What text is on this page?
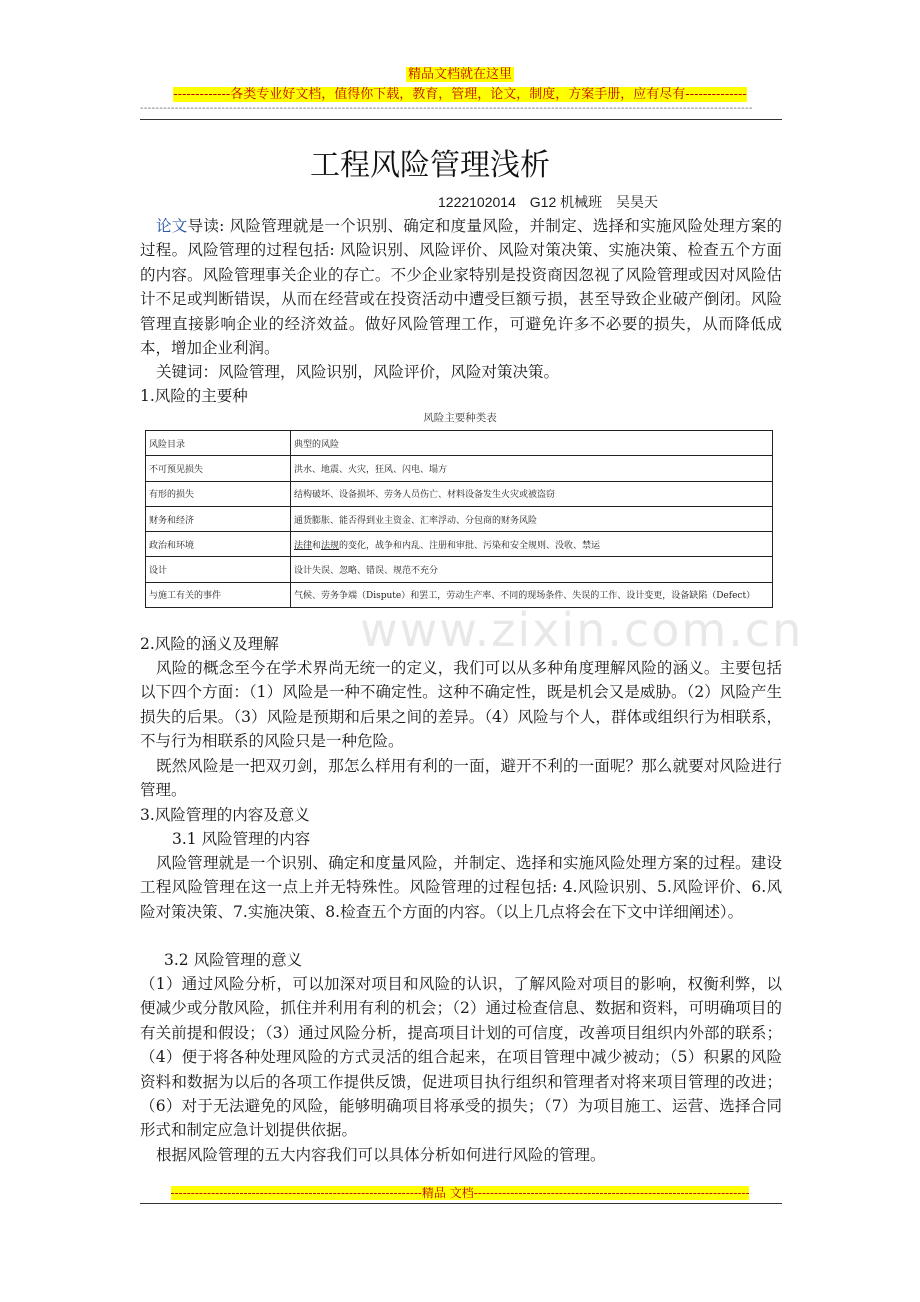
精品文档就在这里
-------------各类专业好文档，值得你下载，教育，管理，论文，制度，方案手册，应有尽有--------------
--------------------------------------------------------------------------------------------------------------------------------------------------------------
工程风险管理浅析
1222102014 G12 机械班 吴昊天

论文导读: 风险管理就是一个识别、确定和度量风险，并制定、选择和实施风险处理方案的过程。风险管理的过程包括: 风险识别、风险评价、风险对策决策、实施决策、检查五个方面的内容。风险管理事关企业的存亡。不少企业家特别是投资商因忽视了风险管理或因对风险估计不足或判断错误，从而在经营或在投资活动中遭受巨额亏损，甚至导致企业破产倒闭。风险管理直接影响企业的经济效益。做好风险管理工作，可避免许多不必要的损失，从而降低成本，增加企业利润。

关键词：风险管理，风险识别，风险评价，风险对策决策。

1.风险的主要种
风险主要种类表
风险目录	典型的风险
不可预见损失	洪水、地震、火灾，狂风、闪电、塌方
有形的损失	结构破坏、设备损坏、劳务人员伤亡、材料设备发生火灾或被盗窃
财务和经济	通货膨胀、能否得到业主资金、汇率浮动、分包商的财务风险
政治和环境	法律和法规的变化，战争和内乱、注册和审批、污染和安全规则、没收、禁运
设计	设计失误、忽略、错误、规范不充分
与施工有关的事件	气候、劳务争端（Dispute）和罢工，劳动生产率、不同的现场条件、失误的工作、设计变更，设备缺陷（Defect）
www.zixin.com.cn
2.风险的涵义及理解

风险的概念至今在学术界尚无统一的定义，我们可以从多种角度理解风险的涵义。主要包括以下四个方面：（1）风险是一种不确定性。这种不确定性，既是机会又是威胁。（2）风险产生损失的后果。（3）风险是预期和后果之间的差异。（4）风险与个人，群体或组织行为相联系，不与行为相联系的风险只是一种危险。

既然风险是一把双刃剑，那怎么样用有利的一面，避开不利的一面呢？那么就要对风险进行管理。

3.风险管理的内容及意义
3.1 风险管理的内容

风险管理就是一个识别、确定和度量风险，并制定、选择和实施风险处理方案的过程。建设工程风险管理在这一点上并无特殊性。风险管理的过程包括: 4.风险识别、5.风险评价、6.风险对策决策、7.实施决策、8.检查五个方面的内容。（以上几点将会在下文中详细阐述）。

3.2 风险管理的意义

（1）通过风险分析，可以加深对项目和风险的认识，了解风险对项目的影响，权衡利弊，以便减少或分散风险，抓住并利用有利的机会；（2）通过检查信息、数据和资料，可明确项目的有关前提和假设；（3）通过风险分析，提高项目计划的可信度，改善项目组织内外部的联系；（4）便于将各种处理风险的方式灵活的组合起来，在项目管理中减少被动；（5）积累的风险资料和数据为以后的各项工作提供反馈，促进项目执行组织和管理者对将来项目管理的改进；（6）对于无法避免的风险，能够明确项目将承受的损失；（7）为项目施工、运营、选择合同形式和制定应急计划提供依据。

根据风险管理的五大内容我们可以具体分析如何进行风险的管理。

--------------------------------------------------------------精品 文档--------------------------------------------------------------------
